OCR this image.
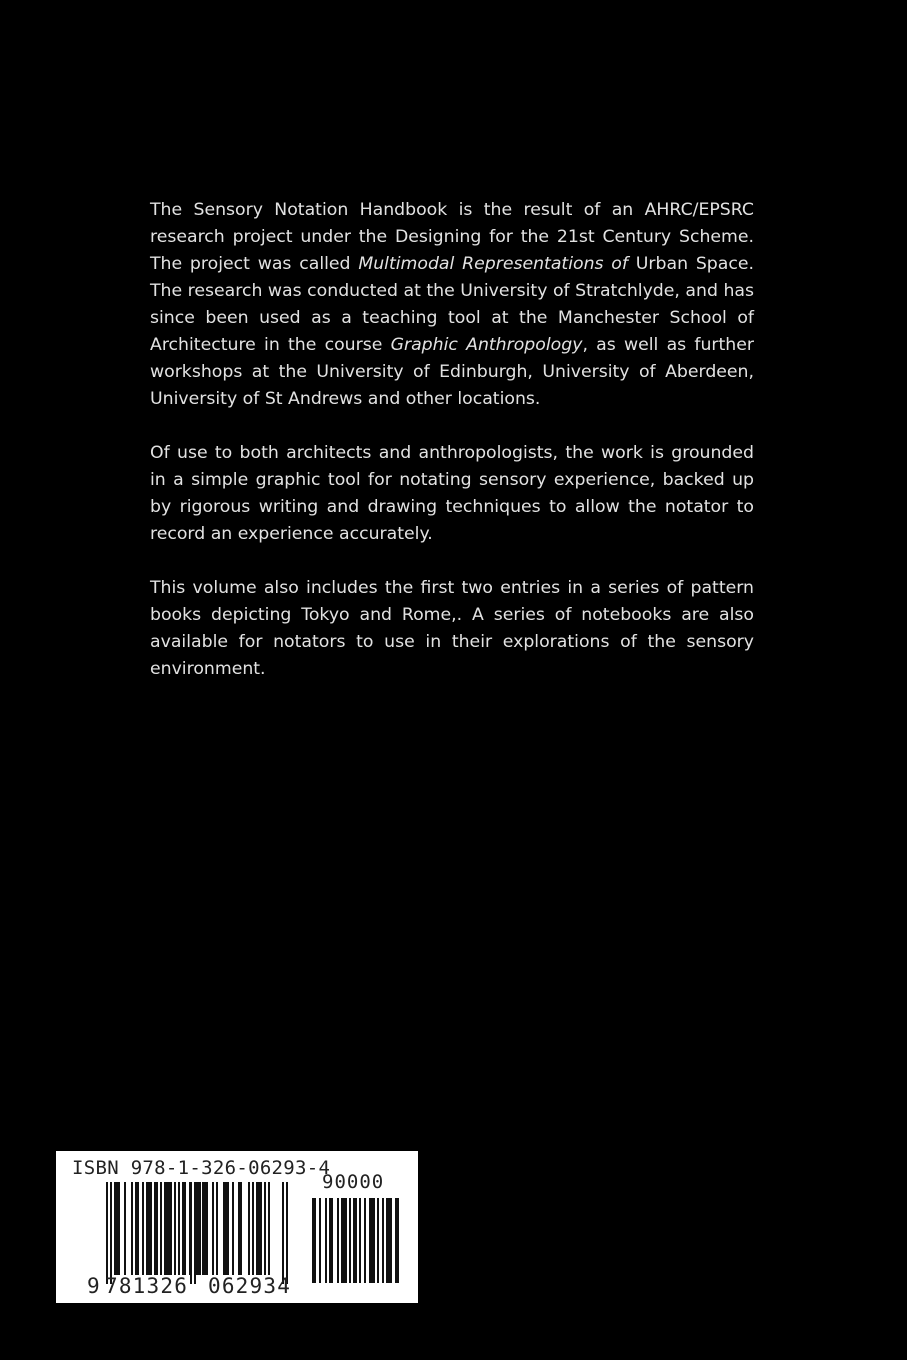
The Sensory Notation Handbook is the result of an AHRC/EPSRC research project under the Designing for the 21st Century Scheme. The project was called Multimodal Representations of Urban Space. The research was conducted at the University of Stratchlyde, and has since been used as a teaching tool at the Manchester School of Architecture in the course Graphic Anthropology, as well as further workshops at the University of Edinburgh, University of Aberdeen, University of St Andrews and other locations.

Of use to both architects and anthropologists, the work is grounded in a simple graphic tool for notating sensory experience, backed up by rigorous writing and drawing techniques to allow the notator to record an experience accurately.

This volume also includes the first two entries in a series of pattern books depicting Tokyo and Rome,. A series of notebooks are also available for notators to use in their explorations of the sensory environment.

ISBN 978-1-326-06293-4
90000
9 781326 062934
